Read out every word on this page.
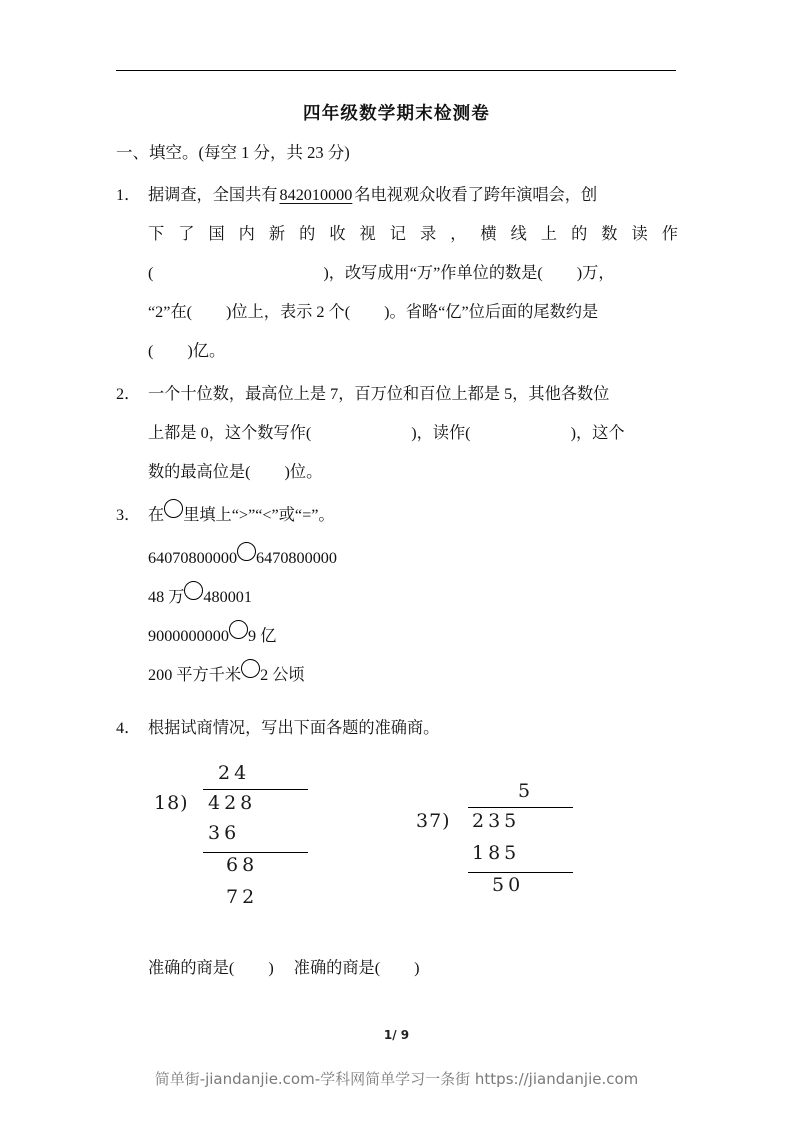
四年级数学期末检测卷
一、填空。(每空 1 分，共 23 分)
1． 据调查，全国共有 842010000 名电视观众收看了跨年演唱会，创
下 了 国 内 新 的 收 视 记 录 ， 横 线 上 的 数 读 作
(	)，改写成用“万”作单位的数是( )万，
“2”在( )位上，表示 2 个( )。省略“亿”位后面的尾数约是
( )亿。
2． 一个十位数，最高位上是 7，百万位和百位上都是 5，其他各数位
上都是 0，这个数写作(	)，读作(	)，这个
数的最高位是( )位。
3． 在 里填上“>”“<”或“=”。
64070800000 6470800000
48 万 480001
9000000000 9 亿
200 平方千米 2 公顷
4． 根据试商情况，写出下面各题的准确商。
24
18) 428
36
68
72
5
37) 235
185
50
准确的商是( ) 准确的商是( )
1/ 9
简单街-jiandanjie.com-学科网简单学习一条街 https://jiandanjie.com
